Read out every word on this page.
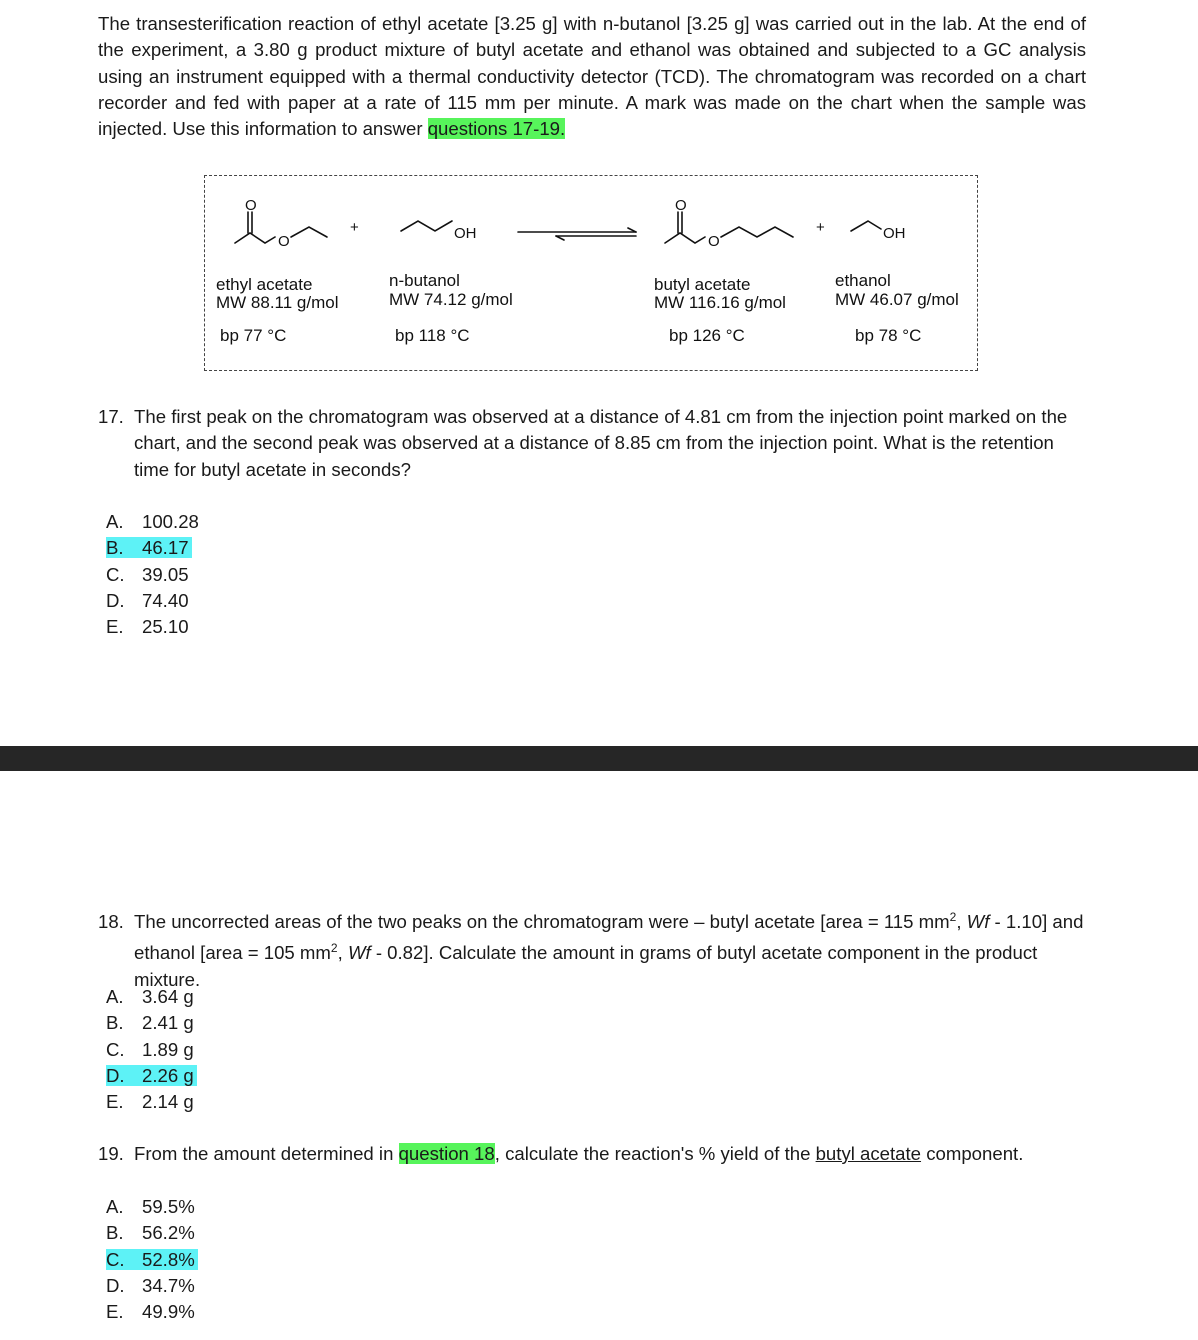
The transesterification reaction of ethyl acetate [3.25 g] with n-butanol [3.25 g] was carried out in the lab. At the end of the experiment, a 3.80 g product mixture of butyl acetate and ethanol was obtained and subjected to a GC analysis using an instrument equipped with a thermal conductivity detector (TCD). The chromatogram was recorded on a chart recorder and fed with paper at a rate of 115 mm per minute. A mark was made on the chart when the sample was injected. Use this information to answer questions 17-19.
O
O
+	OH
O
O
+	OH
ethyl acetate
MW 88.11 g/mol
bp 77 °C
n-butanol
MW 74.12 g/mol
bp 118 °C
butyl acetate
MW 116.16 g/mol
bp 126 °C
ethanol
MW 46.07 g/mol
bp 78 °C
17. The first peak on the chromatogram was observed at a distance of 4.81 cm from the injection point marked on the chart, and the second peak was observed at a distance of 8.85 cm from the injection point. What is the retention time for butyl acetate in seconds?
A. 100.28
B. 46.17
C. 39.05
D. 74.40
E. 25.10
18. The uncorrected areas of the two peaks on the chromatogram were – butyl acetate [area = 115 $mm^2$, Wf - 1.10] and ethanol [area = 105 $mm^2$, Wf - 0.82]. Calculate the amount in grams of butyl acetate component in the product mixture.
A. 3.64 g
B. 2.41 g
C. 1.89 g
D. 2.26 g
E. 2.14 g
19. From the amount determined in question 18, calculate the reaction's % yield of the butyl acetate component.
A. 59.5%
B. 56.2%
C. 52.8%
D. 34.7%
E. 49.9%
